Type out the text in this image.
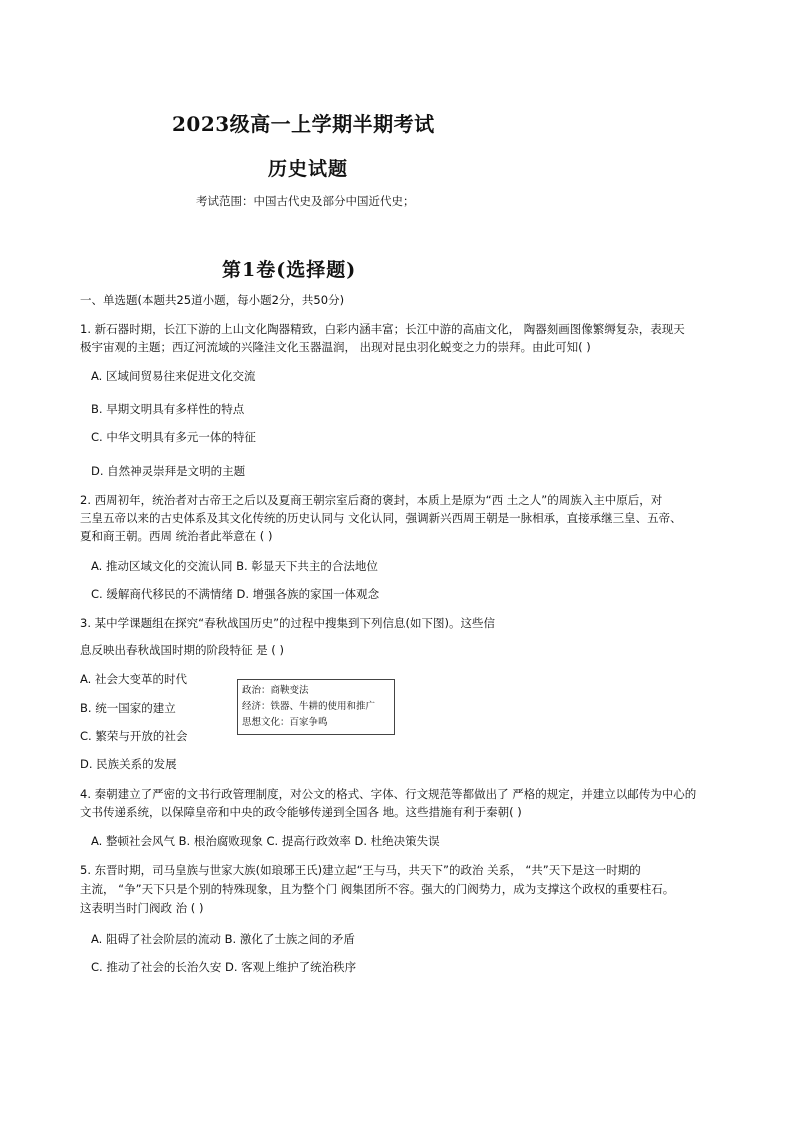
2023级高一上学期半期考试
历史试题
考试范围：中国古代史及部分中国近代史；
第1卷(选择题)
一、单选题(本题共25道小题，每小题2分，共50分)
1. 新石器时期，长江下游的上山文化陶器精致，白彩内涵丰富；长江中游的高庙文化， 陶器刻画图像繁缛复杂，表现天
极宇宙观的主题；西辽河流域的兴隆洼文化玉器温润， 出现对昆虫羽化蜕变之力的崇拜。由此可知( )
A. 区域间贸易往来促进文化交流
B. 早期文明具有多样性的特点
C. 中华文明具有多元一体的特征
D. 自然神灵崇拜是文明的主题
2. 西周初年，统治者对古帝王之后以及夏商王朝宗室后裔的褒封，本质上是原为“西 土之人”的周族入主中原后，对
三皇五帝以来的古史体系及其文化传统的历史认同与 文化认同，强调新兴西周王朝是一脉相承，直接承继三皇、五帝、
夏和商王朝。西周 统治者此举意在 ( )
A. 推动区域文化的交流认同 B. 彰显天下共主的合法地位
C. 缓解商代移民的不满情绪 D. 增强各族的家国一体观念
3. 某中学课题组在探究“春秋战国历史”的过程中搜集到下列信息(如下图)。这些信
息反映出春秋战国时期的阶段特征 是 ( )
A. 社会大变革的时代
B. 统一国家的建立
C. 繁荣与开放的社会
D. 民族关系的发展
政治：商鞅变法
经济：铁器、牛耕的使用和推广
思想文化：百家争鸣
4. 秦朝建立了严密的文书行政管理制度，对公文的格式、字体、行文规范等都做出了 严格的规定，并建立以邮传为中心的
文书传递系统，以保障皇帝和中央的政令能够传递到全国各 地。这些措施有利于秦朝( )
A. 整顿社会风气 B. 根治腐败现象 C. 提高行政效率 D. 杜绝决策失误
5. 东晋时期，司马皇族与世家大族(如琅琊王氏)建立起“王与马，共天下”的政治 关系， “共”天下是这一时期的
主流， “争”天下只是个别的特殊现象，且为整个门 阀集团所不容。强大的门阀势力，成为支撑这个政权的重要柱石。
这表明当时门阀政 治 ( )
A. 阻碍了社会阶层的流动 B. 激化了士族之间的矛盾
C. 推动了社会的长治久安 D. 客观上维护了统治秩序
